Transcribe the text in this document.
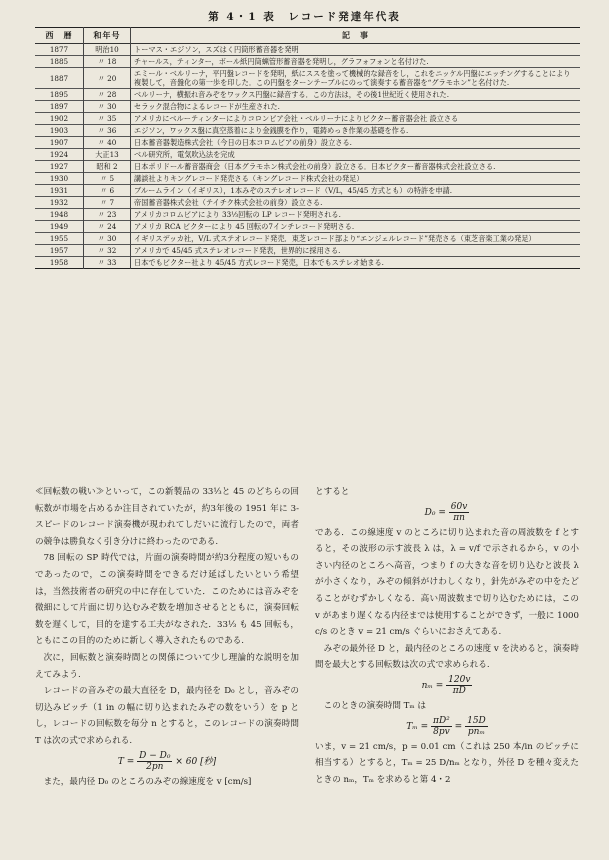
第 4・1 表　レコード発達年代表
西　暦	和年号	記　事
1877	明治10	トーマス・エジソン，スズはく円筒形蓄音器を発明
1885	〃 18	チャールス，ティンター，ボール紙円筒蝋管形蓄音器を発明し，グラフォフォンと名付けた.
1887	〃 20	エミール・ベルリーナ，平円盤レコードを発明，紙にススを塗って機械的な録音をし，これをニッケル円盤にエッチングすることにより複製して，音盤化の第一歩を印した．この円盤をターンテーブルにのって演奏する蓄音器を“グラモホン”と名付けた.
1895	〃 28	ベルリーナ，横振れ音みぞをワックス円盤に録音する．この方法は，その後1世紀近く使用された.
1897	〃 30	セラック混合物によるレコードが生産された.
1902	〃 35	アメリカにベルーティンターによりコロンビア会社・ベルリーナによりビクター蓄音器会社 設立さる
1903	〃 36	エジソン，ワックス盤に真空蒸着により金銭膜を作り，電鋳めっき作業の基礎を作る.
1907	〃 40	日本蓄音器製造株式会社（今日の日本コロムビアの前身）設立さる.
1924	大正13	ベル研究所，電気吹込法を完成
1927	昭和 2	日本ポリドール蓄音器商会（日本グラモホン株式会社の前身）設立さる．日本ビクター蓄音器株式会社設立さる.
1930	〃 5	講談社よりキングレコード発売さる（キングレコード株式会社の発足）
1931	〃 6	ブルームライン（イギリス），1本みぞのステレオレコード（V/L，45/45 方式とも）の特許を申請.
1932	〃 7	帝国蓄音器株式会社（テイチク株式会社の前身）設立さる.
1948	〃 23	アメリカコロムビアにより 33⅓回転の LP レコード発明される.
1949	〃 24	アメリカ RCA ビクターにより 45 回転の7インチレコード発明さる.
1955	〃 30	イギリスデッカ社，V/L 式ステオレコード発売．東芝レコード部より“エンジェルレコード”発売さる（東芝音楽工業の発足）
1957	〃 32	アメリカで 45/45 式ステレオレコード発表，世界的に採用さる.
1958	〃 33	日本でもビクター社より 45/45 方式レコード発売，日本でもステレオ始まる.

≪回転数の戦い≫といって，この新製品の 33⅓と 45 のどちらの回転数が市場を占めるか注目されていたが，約3年後の 1951 年に 3-スピードのレコード演奏機が現われてしだいに流行したので，両者の競争は勝負なく引き分けに終わったのである.

78 回転の SP 時代では，片面の演奏時間が約3分程度の短いものであったので，この演奏時間をできるだけ延ばしたいという希望は，当然技術者の研究の中に存在していた．このためには音みぞを微細にして片面に切り込むみぞ数を増加させるとともに，演奏回転数を遅くして，目的を達する工夫がなされた．33⅓ も 45 回転も，ともにこの目的のために新しく導入されたものである.

次に，回転数と演奏時間との関係について少し理論的な説明を加えてみよう.

レコードの音みぞの最大直径を D，最内径を D₀ とし，音みぞの切込みピッチ（1 in の幅に切り込まれたみぞの数をいう）を p とし，レコードの回転数を毎分 n とすると，このレコードの演奏時間 T は次の式で求められる.

$T = \frac{\text{D − D₀}}{2pn} \times 60$ [秒]

また，最内径 D₀ のところのみぞの線速度を v [cm/s]

とすると

$D_0 = \frac{60v}{\pi n}$

である．この線速度 v のところに切り込まれた音の周波数を f とすると，その波形の示す波長 λ は，λ = v/f で示されるから，v の小さい内径のところへ高音，つまり f の大きな音を切り込むと波長 λ が小さくなり，みぞの傾斜がけわしくなり，針先がみぞの中をたどることがむずかしくなる．高い周波数まで切り込むためには，この v があまり遅くなる内径までは使用することができず，一般に 1000 c/s のとき v = 21 cm/s ぐらいにおさえてある.

みぞの最外径 D と，最内径のところの速度 v を決めると，演奏時間を最大とする回転数は次の式で求められる.

$n_m = \frac{120v}{\pi D}$

このときの演奏時間 Tₘ は

$T_m = \frac{\text{πD²}}{8pv} = \frac{15D}{\text{pnₘ}}$

いま，v = 21 cm/s，p = 0.01 cm（これは 250 本/in のピッチに相当する）とすると，Tₘ = 25 D/nₘ となり，外径 D を種々変えたときの nₘ，Tₘ を求めると第 4・2
